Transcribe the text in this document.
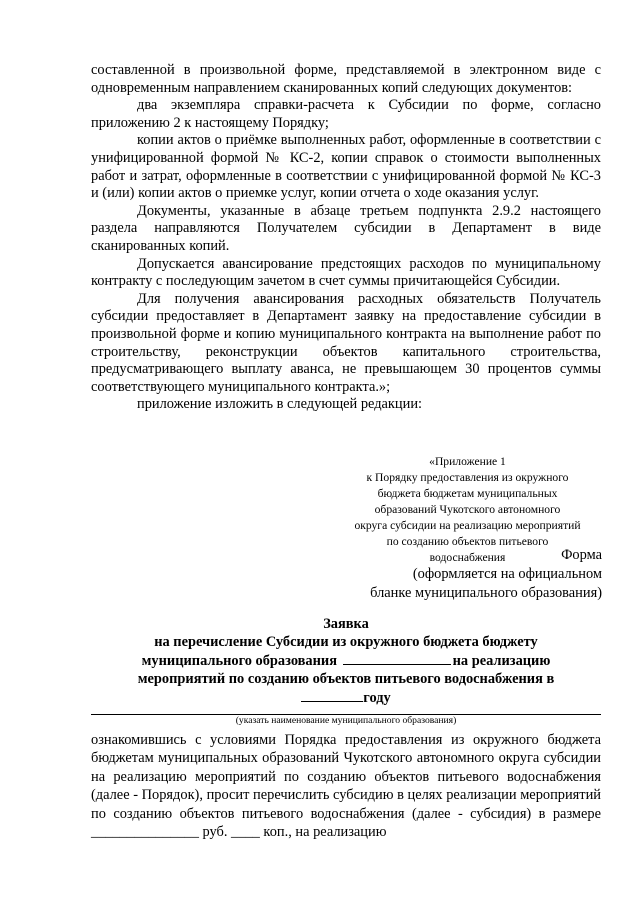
составленной в произвольной форме, представляемой в электронном виде с одновременным направлением сканированных копий следующих документов:

два экземпляра справки-расчета к Субсидии по форме, согласно приложению 2 к настоящему Порядку;

копии актов о приёмке выполненных работ, оформленные в соответствии с унифицированной формой № КС-2, копии справок о стоимости выполненных работ и затрат, оформленные в соответствии с унифицированной формой № КС-3 и (или) копии актов о приемке услуг, копии отчета о ходе оказания услуг.

Документы, указанные в абзаце третьем подпункта 2.9.2 настоящего раздела направляются Получателем субсидии в Департамент в виде сканированных копий.

Допускается авансирование предстоящих расходов по муниципальному контракту с последующим зачетом в счет суммы причитающейся Субсидии.

Для получения авансирования расходных обязательств Получатель субсидии предоставляет в Департамент заявку на предоставление субсидии в произвольной форме и копию муниципального контракта на выполнение работ по строительству, реконструкции объектов капитального строительства, предусматривающего выплату аванса, не превышающем 30 процентов суммы соответствующего муниципального контракта.»;

приложение изложить в следующей редакции:

«Приложение 1
к Порядку предоставления из окружного
бюджета бюджетам муниципальных
образований Чукотского автономного
округа субсидии на реализацию мероприятий
по созданию объектов питьевого
водоснабжения	Форма
(оформляется на официальном
бланке муниципального образования)
Заявка
на перечисление Субсидии из окружного бюджета бюджету
муниципального образования	на реализацию
мероприятий по созданию объектов питьевого водоснабжения в
году
(указать наименование муниципального образования)

ознакомившись с условиями Порядка предоставления из окружного бюджета бюджетам муниципальных образований Чукотского автономного округа субсидии на реализацию мероприятий по созданию объектов питьевого водоснабжения (далее - Порядок), просит перечислить субсидию в целях реализации мероприятий по созданию объектов питьевого водоснабжения (далее - субсидия) в размере _______________ руб. ____ коп., на реализацию
